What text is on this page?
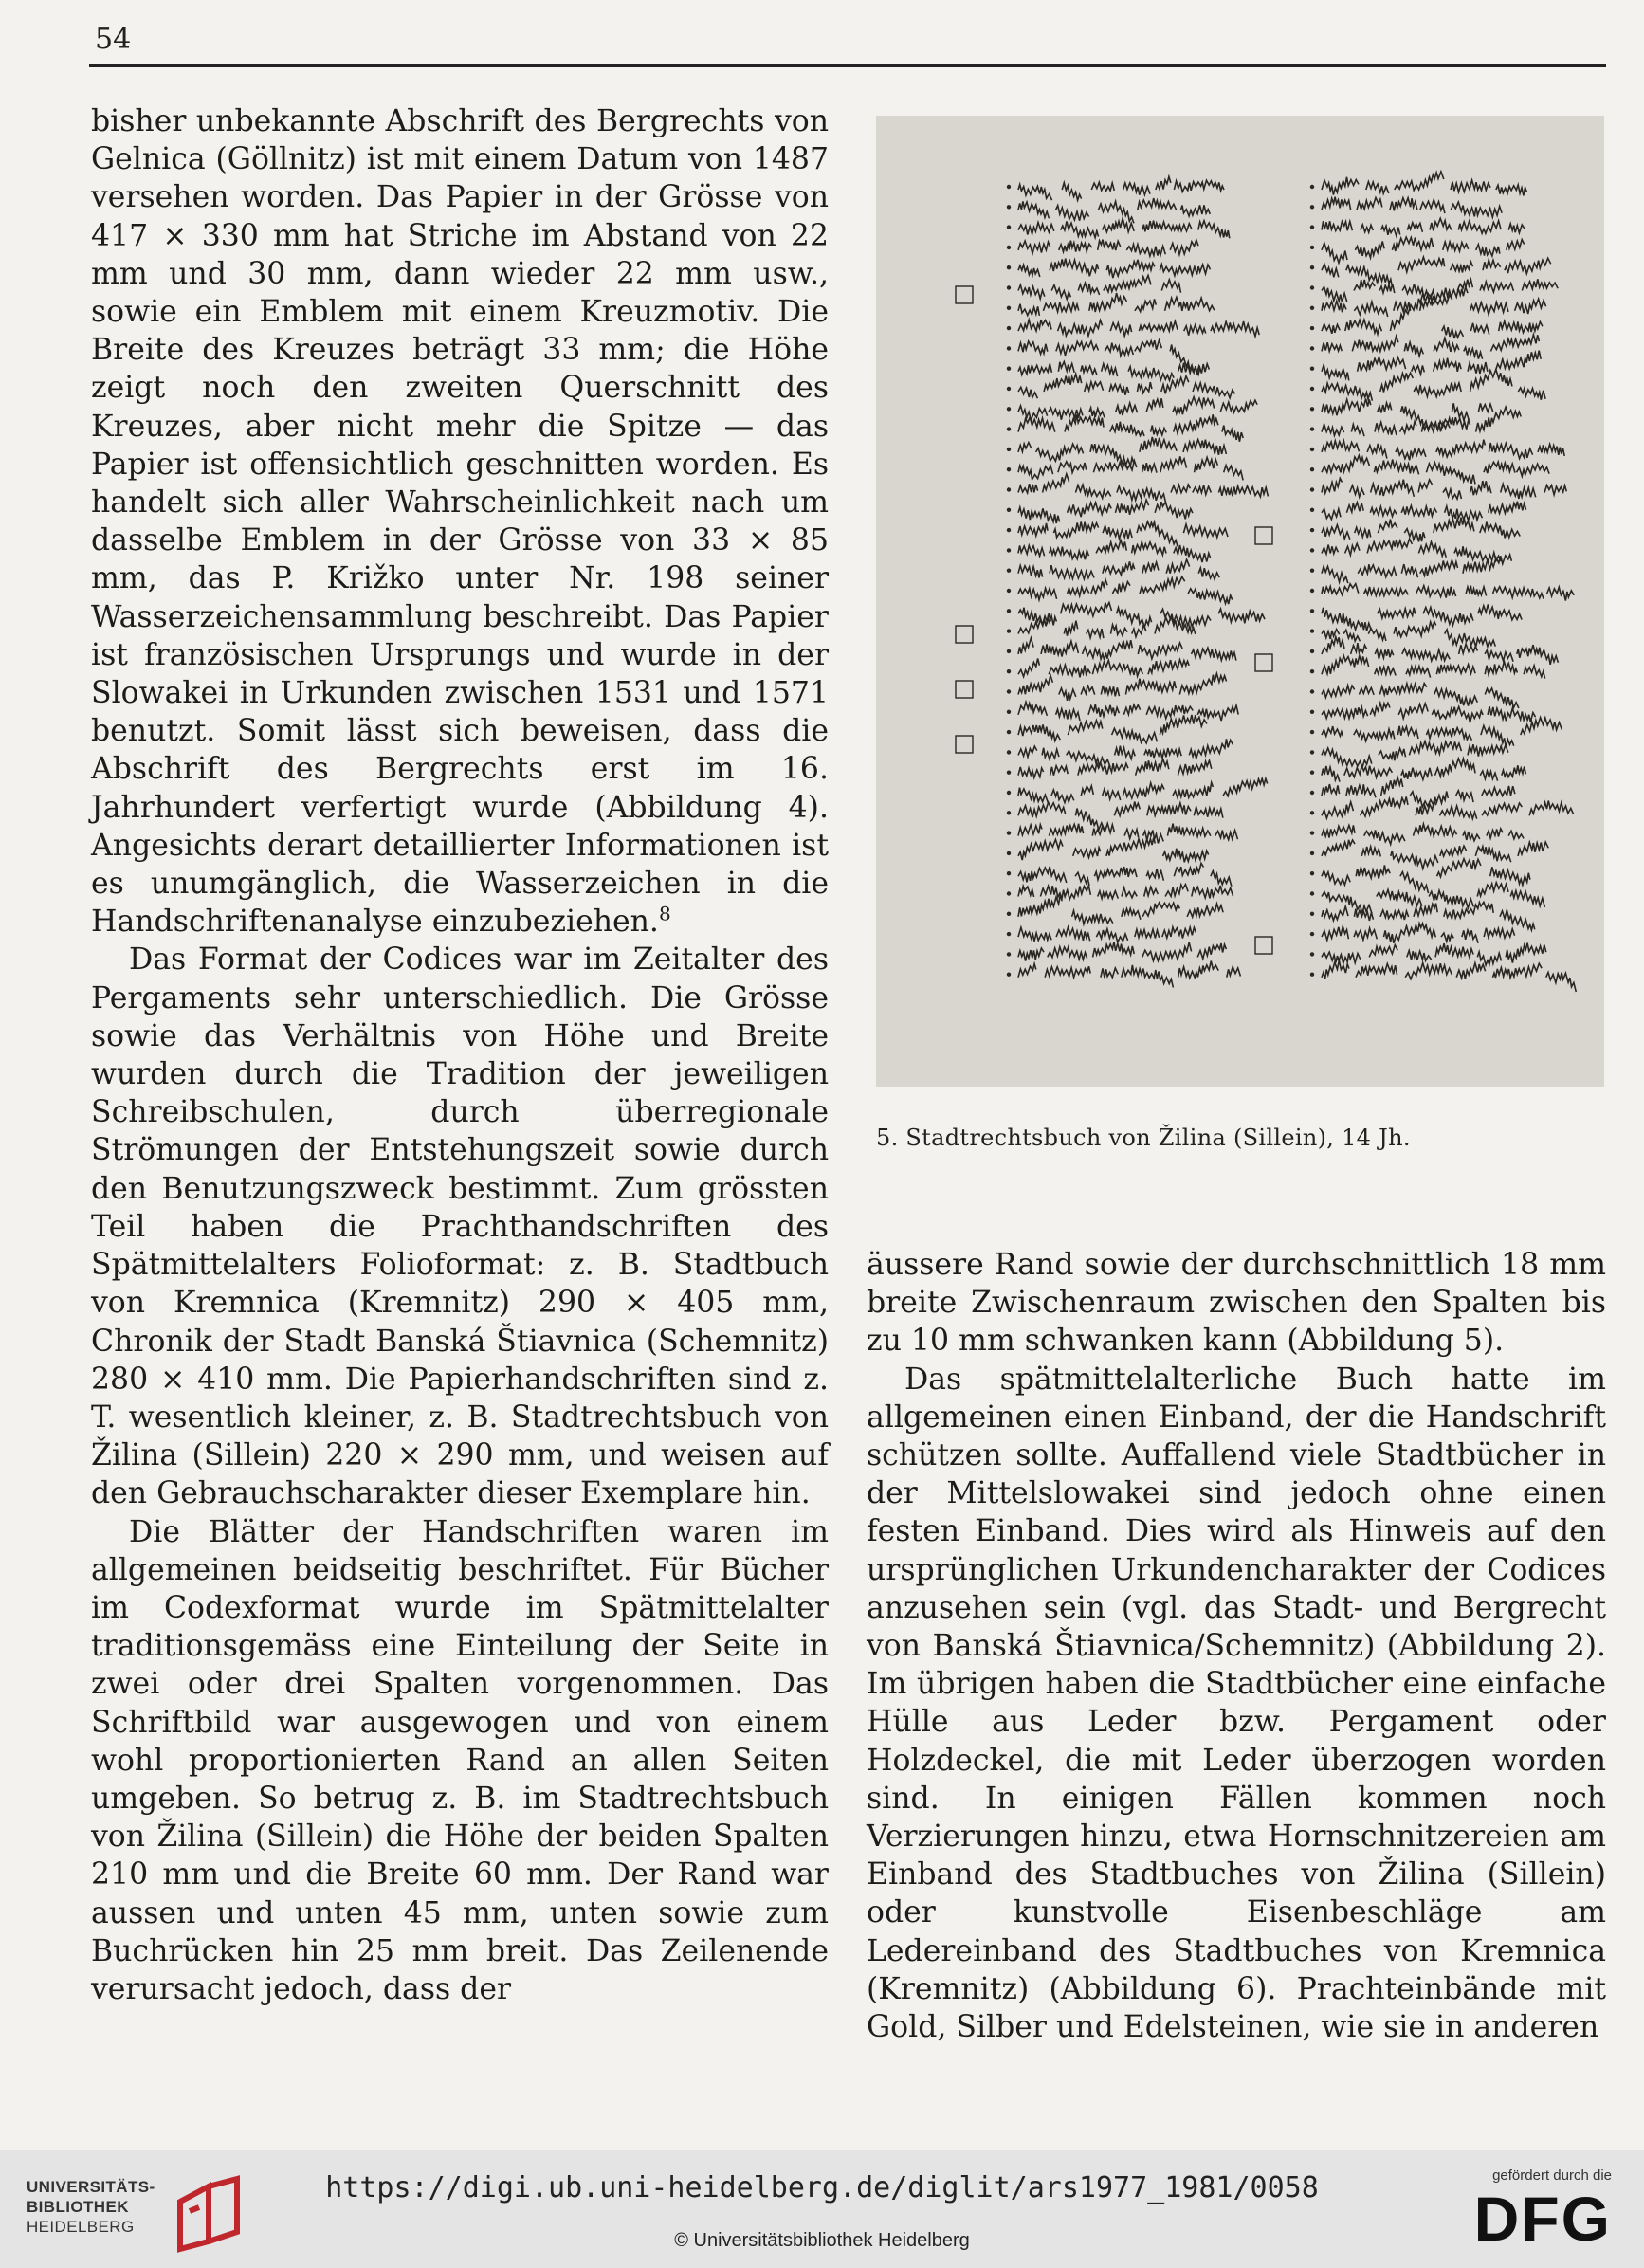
54

bisher unbekannte Abschrift des Bergrechts von Gelnica (Göllnitz) ist mit einem Datum von 1487 versehen worden. Das Papier in der Grösse von 417 × 330 mm hat Striche im Abstand von 22 mm und 30 mm, dann wieder 22 mm usw., sowie ein Emblem mit einem Kreuzmotiv. Die Breite des Kreuzes beträgt 33 mm; die Höhe zeigt noch den zweiten Querschnitt des Kreuzes, aber nicht mehr die Spitze — das Papier ist offensichtlich geschnitten worden. Es handelt sich aller Wahrscheinlichkeit nach um dasselbe Emblem in der Grösse von 33 × 85 mm, das P. Križko unter Nr. 198 seiner Wasserzeichensammlung beschreibt. Das Papier ist französischen Ursprungs und wurde in der Slowakei in Urkunden zwischen 1531 und 1571 benutzt. Somit lässt sich beweisen, dass die Abschrift des Bergrechts erst im 16. Jahrhundert verfertigt wurde (Abbildung 4). Angesichts derart detaillierter Informationen ist es unumgänglich, die Wasserzeichen in die Handschriftenanalyse einzubeziehen.$^8$

Das Format der Codices war im Zeitalter des Pergaments sehr unterschiedlich. Die Grösse sowie das Verhältnis von Höhe und Breite wurden durch die Tradition der jeweiligen Schreibschulen, durch überregionale Strömungen der Entstehungszeit sowie durch den Benutzungszweck bestimmt. Zum grössten Teil haben die Prachthandschriften des Spätmittelalters Folioformat: z. B. Stadtbuch von Kremnica (Kremnitz) 290 × 405 mm, Chronik der Stadt Banská Štiavnica (Schemnitz) 280 × 410 mm. Die Papierhandschriften sind z. T. wesentlich kleiner, z. B. Stadtrechtsbuch von Žilina (Sillein) 220 × 290 mm, und weisen auf den Gebrauchscharakter dieser Exemplare hin.

Die Blätter der Handschriften waren im allgemeinen beidseitig beschriftet. Für Bücher im Codexformat wurde im Spätmittelalter traditionsgemäss eine Einteilung der Seite in zwei oder drei Spalten vorgenommen. Das Schriftbild war ausgewogen und von einem wohl proportionierten Rand an allen Seiten umgeben. So betrug z. B. im Stadtrechtsbuch von Žilina (Sillein) die Höhe der beiden Spalten 210 mm und die Breite 60 mm. Der Rand war aussen und unten 45 mm, unten sowie zum Buchrücken hin 25 mm breit. Das Zeilenende verursacht jedoch, dass der

5. Stadtrechtsbuch von Žilina (Sillein), 14 Jh.

äussere Rand sowie der durchschnittlich 18 mm breite Zwischenraum zwischen den Spalten bis zu 10 mm schwanken kann (Abbildung 5).

Das spätmittelalterliche Buch hatte im allgemeinen einen Einband, der die Handschrift schützen sollte. Auffallend viele Stadtbücher in der Mittelslowakei sind jedoch ohne einen festen Einband. Dies wird als Hinweis auf den ursprünglichen Urkundencharakter der Codices anzusehen sein (vgl. das Stadt- und Bergrecht von Banská Štiavnica/Schemnitz) (Abbildung 2). Im übrigen haben die Stadtbücher eine einfache Hülle aus Leder bzw. Pergament oder Holzdeckel, die mit Leder überzogen worden sind. In einigen Fällen kommen noch Verzierungen hinzu, etwa Hornschnitzereien am Einband des Stadtbuches von Žilina (Sillein) oder kunstvolle Eisenbeschläge am Ledereinband des Stadtbuches von Kremnica (Kremnitz) (Abbildung 6). Prachteinbände mit Gold, Silber und Edelsteinen, wie sie in anderen

UNIVERSITÄTS-
BIBLIOTHEK
HEIDELBERG
https://digi.ub.uni-heidelberg.de/diglit/ars1977_1981/0058
© Universitätsbibliothek Heidelberg
gefördert durch die
DFG
